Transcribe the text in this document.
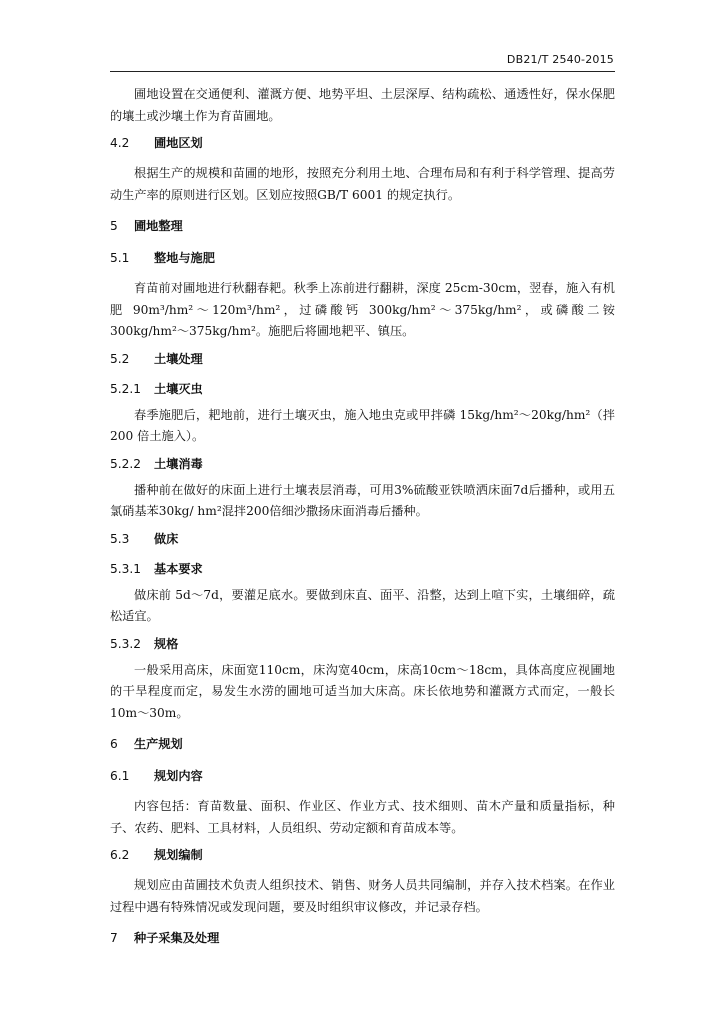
DB21/T 2540-2015

圃地设置在交通便利、灌溉方便、地势平坦、土层深厚、结构疏松、通透性好，保水保肥的壤土或沙壤土作为育苗圃地。

4.2 圃地区划

根据生产的规模和苗圃的地形，按照充分利用土地、合理布局和有利于科学管理、提高劳动生产率的原则进行区划。区划应按照GB/T 6001 的规定执行。

5 圃地整理
5.1 整地与施肥

育苗前对圃地进行秋翻春耙。秋季上冻前进行翻耕，深度 25cm-30cm，翌春，施入有机肥 90m³/hm²～120m³/hm²，过磷酸钙 300kg/hm²～375kg/hm²，或磷酸二铵 300kg/hm²～375kg/hm²。施肥后将圃地耙平、镇压。

5.2 土壤处理
5.2.1 土壤灭虫

春季施肥后，耙地前，进行土壤灭虫，施入地虫克或甲拌磷 15kg/hm²～20kg/hm²（拌 200 倍土施入）。

5.2.2 土壤消毒

播种前在做好的床面上进行土壤表层消毒，可用3%硫酸亚铁喷洒床面7d后播种，或用五氯硝基苯30kg/ hm²混拌200倍细沙撒扬床面消毒后播种。

5.3 做床
5.3.1 基本要求

做床前 5d～7d，要灌足底水。要做到床直、面平、沿整，达到上喧下实，土壤细碎，疏松适宜。

5.3.2 规格

一般采用高床，床面宽110cm，床沟宽40cm，床高10cm～18cm，具体高度应视圃地的干旱程度而定，易发生水涝的圃地可适当加大床高。床长依地势和灌溉方式而定，一般长10m～30m。

6 生产规划
6.1 规划内容

内容包括：育苗数量、面积、作业区、作业方式、技术细则、苗木产量和质量指标，种子、农药、肥料、工具材料，人员组织、劳动定额和育苗成本等。

6.2 规划编制

规划应由苗圃技术负责人组织技术、销售、财务人员共同编制，并存入技术档案。在作业过程中遇有特殊情况或发现问题，要及时组织审议修改，并记录存档。

7 种子采集及处理
